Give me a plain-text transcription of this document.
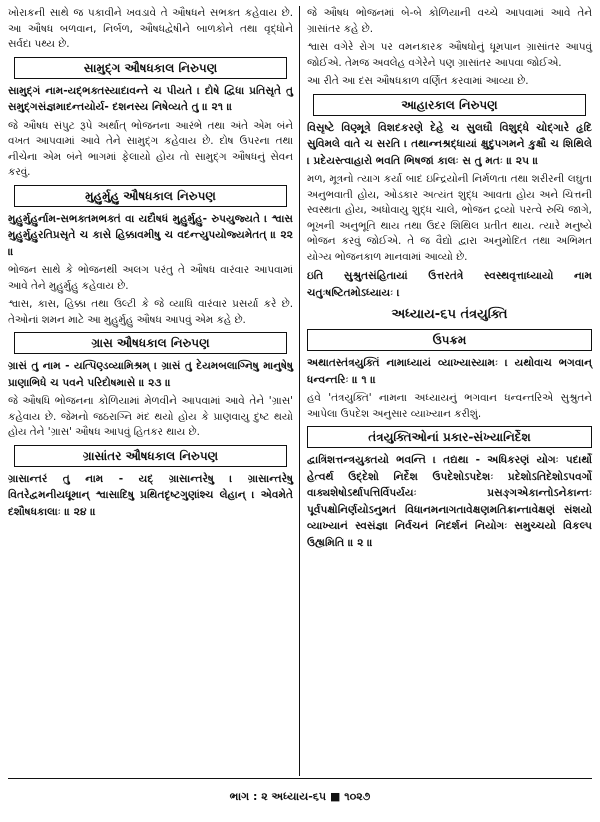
ખોરાકની સાથે જ પકાવીને ખવડાવે તે ઔષધને સભક્ત કહેવાય છે. આ ઔષધ બળવાન, નિર્બળ, ઔષધદ્વેષીને બાળકોને તથા વૃદ્ધોને સર્વદા પથ્ય છે.

સામુદ્ગ ઔષધકાલ નિરુપણ

સામુદ્ગં નામ-યદ્ભક્તસ્યાદાવન્તે ચ પીયતે । દોષે દ્વિધા પ્રતિસૃતે તુ સમુદ્ગસંજ્ઞમાદન્તયોર્ય- દશનસ્ય નિષેવ્યતે તુ ॥ ૨૧ ॥

જે ઔષધ સંપુટ રૂપે અર્થાત્ ભોજનના આરંભે તથા અંતે એમ બંને વખત આપવામાં આવે તેને સામુદ્ગ કહેવાય છે. દોષ ઉપરના તથા નીચેના એમ બંને ભાગમાં ફેલાયો હોય તો સામુદ્ગ ઔષધનું સેવન કરવું.

મુહુર્મુહુ ઔષધકાલ નિરુપણ

મુહુર્મુહુર્નામ-સભક્તમભક્તં વા યદૌષધં મુહુર્મુહુ- રુપયુજ્યતે । શ્વાસ મુહુર્મુહુરતિપ્રસૃતે ચ કાસે હિક્કાવમીષુ ચ વદન્ત્યુપયોજ્યમેતત્ ॥ ૨૨ ॥

ભોજન સાથે કે ભોજનથી અલગ પરંતુ તે ઔષધ વારંવાર આપવામાં આવે તેને મુહુર્મુહુ કહેવાય છે.

શ્વાસ, કાસ, હિક્કા તથા ઉલ્ટી કે જે વ્યાધિ વારંવાર પ્રસર્યા કરે છે. તેઓનાં શમન માટે આ મુહુર્મુહુ ઔષધ આપવું એમ કહે છે.

ગ્રાસ ઔષધકાલ નિરુપણ

ગ્રાસં તુ નામ - યત્પિણ્ડવ્યામિશ્રમ્ । ગ્રાસં તુ દેયમબલાગ્નિષુ માનુષેષુ પ્રાણાભિધે ચ પવને પરિદોષમાસે ॥ ૨૩ ॥

જે ઔષધિ ભોજનના કોળિયામાં મેળવીને આપવામાં આવે તેને 'ગ્રાસ' કહેવાય છે. જેમનો જઠરાગ્નિ મંદ થયો હોય કે પ્રાણવાયુ દુષ્ટ થયો હોય તેને 'ગ્રાસ' ઔષધ આપવું હિતકર થાય છે.

ગ્રાસાંતર ઔષધકાલ નિરુપણ

ગ્રાસાન્તરં તુ નામ - યદ્ ગ્રાસાન્તરેષુ । ગ્રાસાન્તરેષુ વિતરેદ્વમનીયધૂમાન્ શ્વાસાદિષુ પ્રથિતદૃષ્ટગુણાંશ્ચ લેહાન્ । એવમેતે દશૌષધકાલાઃ ॥ ૨૪ ॥

જે ઔષધ ભોજનમાં બે-બે કોળિયાની વચ્ચે આપવામાં આવે તેને ગ્રાસાંતર કહે છે.

શ્વાસ વગેરે રોગ પર વમનકારક ઔષધોનું ધૂમપાન ગ્રાસાંતર આપવું જોઈએ. તેમજ અવલેહ વગેરેને પણ ગ્રાસાંતર આપવા જોઈએ.

આ રીતે આ દસ ઔષધકાળ વર્ણિત કરવામાં આવ્યા છે.

આહારકાલ નિરુપણ

વિસૃષ્ટે વિણ્મૂત્રે વિશદકરણે દેહે ચ સુલઘૌ વિશુદ્ધે ચોદ્ગારે હૃદિ સુવિમલે વાતે ચ સરતિ । તથાન્નશ્રદ્ધાયાં ક્ષુદુપગમને કુક્ષૌ ચ શિથિલે । પ્રદેયસ્ત્વાહારો ભવતિ ભિષજાં કાલઃ સ તુ મતઃ ॥ ૨૫ ॥

મળ, મૂત્રનો ત્યાગ કર્યા બાદ ઇન્દ્રિયોની નિર્મળતા તથા શરીરની લઘુતા અનુભવાતી હોય, ઓડકાર અત્યંત શુદ્ધ આવતા હોય અને ચિત્તની સ્વસ્થતા હોય, અધોવાયુ શુદ્ધ ચાલે, ભોજન દ્રવ્યો પરત્વે રુચિ જાગે, ભૂખની અનુભૂતિ થાય તથા ઉદર શિથિલ પ્રતીત થાય. ત્યારે મનુષ્યે ભોજન કરવું જોઈએ. તે જ વૈદ્યો દ્વારા અનુમોદિત તથા અભિમત યોગ્ય ભોજનકાળ માનવામાં આવ્યો છે.

ઇતિ સુશ્રુતસંહિતાયાં ઉત્તરતંત્રે સ્વસ્થવૃત્તાધ્યાયો નામ ચતુઃષષ્ટિતમોઽધ્યાયઃ ।

અધ્યાય-૬૫ તંત્રયુક્તિ
ઉપક્રમ

અથાતસ્તંત્રયુક્તિં નામાધ્યાયં વ્યાખ્યાસ્યામઃ । યથોવાચ ભગવાન્ ધન્વન્તરિઃ ॥ ૧ ॥

હવે 'તંત્રયુક્તિ' નામના અધ્યાયનું ભગવાન ધન્વન્તરિએ સુશ્રુતને આપેલા ઉપદેશ અનુસાર વ્યાખ્યાન કરીશું.

તંત્રયુક્તિઓનાં પ્રકાર-સંખ્યાનિર્દેશ

દ્વાત્રિંશત્તન્ત્રયુક્તયો ભવન્તિ । તદ્યથા - અધિકરણં યોગઃ પદાર્થો હેત્વર્થ ઉદ્દેશો નિર્દેશ ઉપદેશોઽપદેશઃ પ્રદેશોઽતિદેશોઽપવર્ગો વાક્યશેષોઽર્થાપત્તિર્વિપર્યયઃ પ્રસઙ્ગએકાન્તોઽનેકાન્તઃ પૂર્વપક્ષોનિર્ણયોઽનુમતં વિધાનમનાગતાવેક્ષણમતિક્રાન્તાવેક્ષણં સંશયો વ્યાખ્યાનં સ્વસંજ્ઞા નિર્વચનં નિદર્શનં નિયોગઃ સમુચ્ચયો વિકલ્પ ઉહ્યમિતિ ॥ ૨ ॥

ભાગ : ૨ અધ્યાય-૬૫ ■ ૧૦૨૭
